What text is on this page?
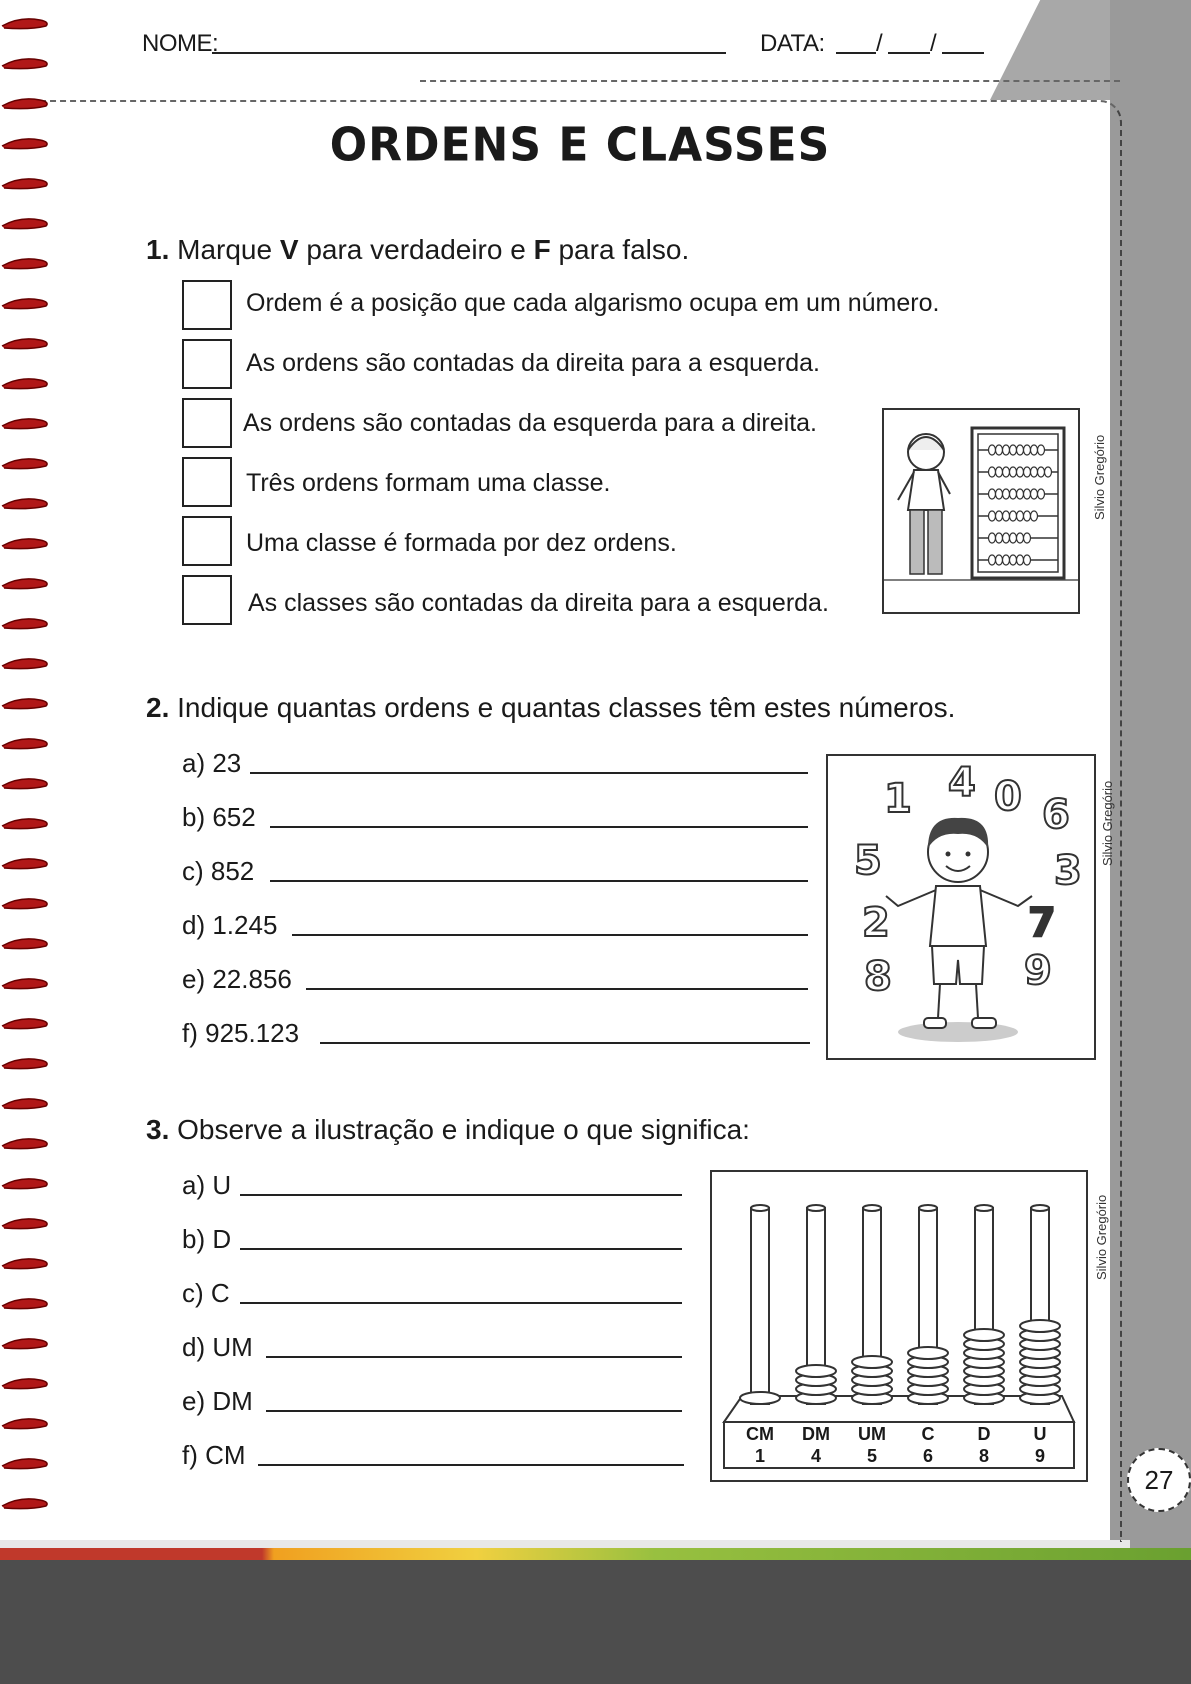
NOME:	DATA: / /
ORDENS E CLASSES
1. Marque V para verdadeiro e F para falso.
Ordem é a posição que cada algarismo ocupa em um número.
As ordens são contadas da direita para a esquerda.
As ordens são contadas da esquerda para a direita.
Três ordens formam uma classe.
Uma classe é formada por dez ordens.
As classes são contadas da direita para a esquerda.
Silvio Gregório
2. Indique quantas ordens e quantas classes têm estes números.
a) 23
b) 652
c) 852
d) 1.245
e) 22.856
f) 925.123
1 4 0 6
5	3
2	7
8	9
Silvio Gregório
3. Observe a ilustração e indique o que significa:
a) U
b) D
c) C
d) UM
e) DM
f) CM
CM
1
DM
4
UM
5
C
6
D
8
U
9
Silvio Gregório
27
